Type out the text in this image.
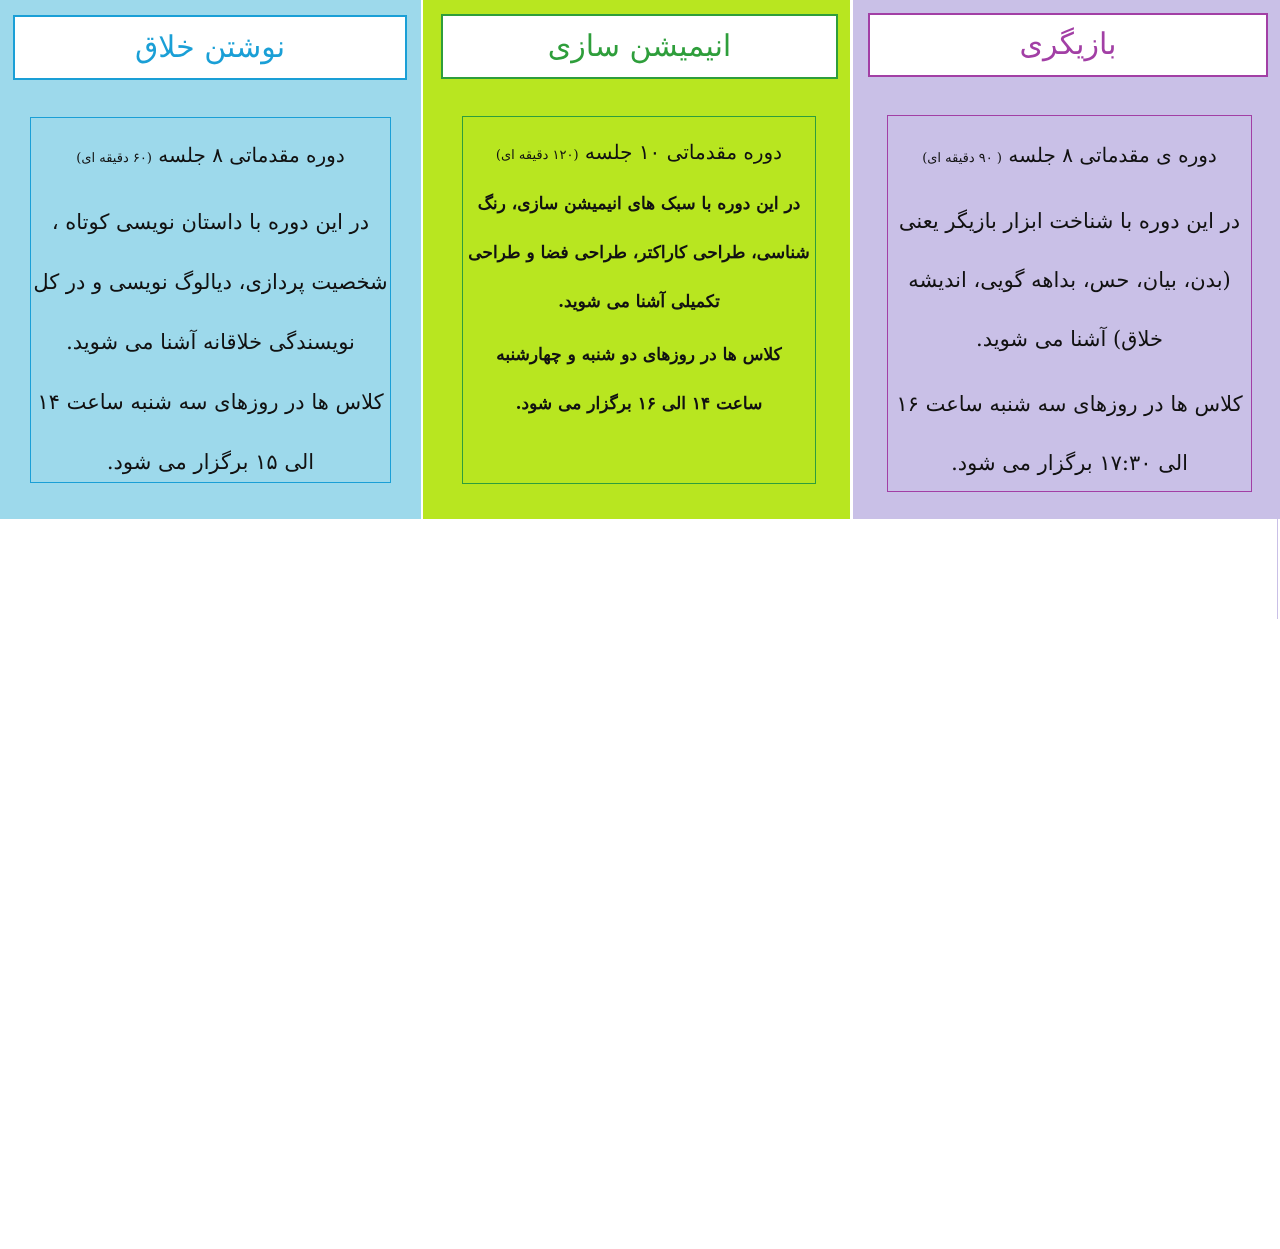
نوشتن خلاق

دوره مقدماتی ۸ جلسه (۶۰ دقیقه ای)

در این دوره با داستان نویسی کوتاه ،
شخصیت پردازی، دیالوگ نویسی و در کل
نویسندگی خلاقانه آشنا می شوید.
کلاس ها در روزهای سه شنبه ساعت ۱۴
الی ۱۵ برگزار می شود.
انیمیشن سازی

دوره مقدماتی ۱۰ جلسه (۱۲۰ دقیقه ای)

در این دوره با سبک های انیمیشن سازی، رنگ
شناسی، طراحی کاراکتر، طراحی فضا و طراحی
تکمیلی آشنا می شوید.
کلاس ها در روزهای دو شنبه و چهارشنبه
ساعت ۱۴ الی ۱۶ برگزار می شود.
بازیگری

دوره ی مقدماتی ۸ جلسه ( ۹۰ دقیقه ای)

در این دوره با شناخت ابزار بازیگر یعنی
(بدن، بیان، حس، بداهه گویی، اندیشه
خلاق) آشنا می شوید.
کلاس ها در روزهای سه شنبه ساعت ۱۶
الی ۱۷:۳۰ برگزار می شود.
